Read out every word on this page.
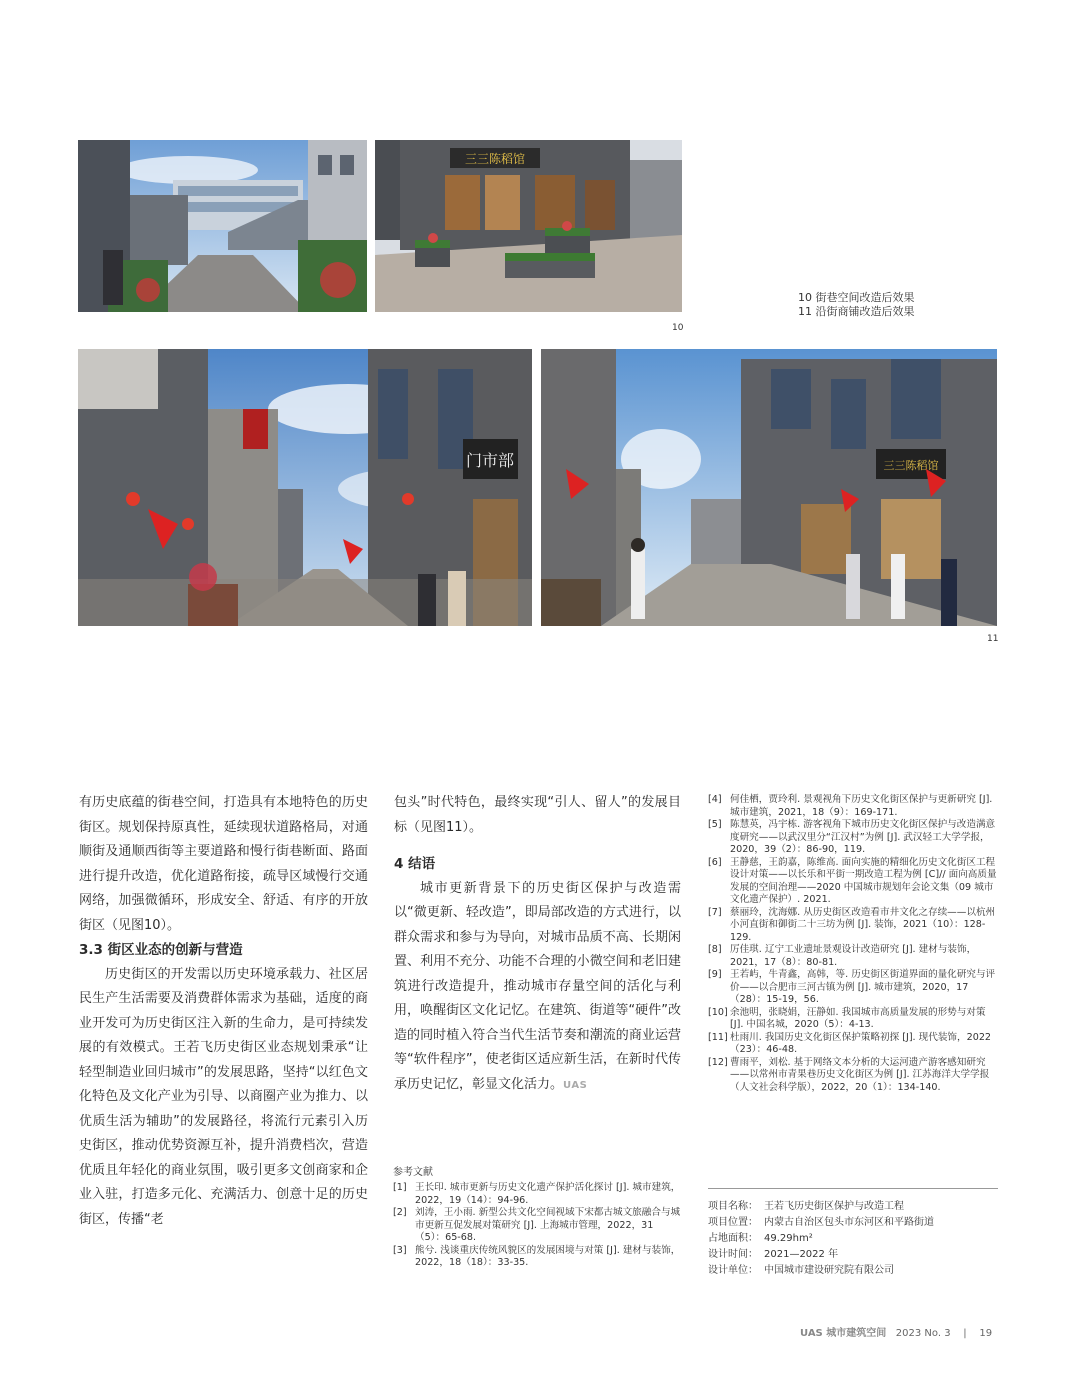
三三陈稻馆
10
10 街巷空间改造后效果
11 沿街商铺改造后效果
门市部	三三陈稻馆
11

有历史底蕴的街巷空间，打造具有本地特色的历史街区。规划保持原真性，延续现状道路格局，对通顺街及通顺西街等主要道路和慢行街巷断面、路面进行提升改造，优化道路衔接，疏导区域慢行交通网络，加强微循环，形成安全、舒适、有序的开放街区（见图10）。

3.3 街区业态的创新与营造

历史街区的开发需以历史环境承载力、社区居民生产生活需要及消费群体需求为基础，适度的商业开发可为历史街区注入新的生命力，是可持续发展的有效模式。王若飞历史街区业态规划秉承“让轻型制造业回归城市”的发展思路，坚持“以红色文化特色及文化产业为引导、以商圈产业为推力、以优质生活为辅助”的发展路径，将流行元素引入历史街区，推动优势资源互补，提升消费档次，营造优质且年轻化的商业氛围，吸引更多文创商家和企业入驻，打造多元化、充满活力、创意十足的历史街区，传播“老

包头”时代特色，最终实现“引人、留人”的发展目标（见图11）。

4 结语

城市更新背景下的历史街区保护与改造需以“微更新、轻改造”，即局部改造的方式进行，以群众需求和参与为导向，对城市品质不高、长期闲置、利用不充分、功能不合理的小微空间和老旧建筑进行改造提升，推动城市存量空间的活化与利用，唤醒街区文化记忆。在建筑、街道等“硬件”改造的同时植入符合当代生活节奏和潮流的商业运营等“软件程序”，使老街区适应新生活，在新时代传承历史记忆，彰显文化活力。UAS

参考文献
[1] 王长印. 城市更新与历史文化遗产保护活化探讨 [J]. 城市建筑，2022，19（14）：94-96.
[2] 刘涛，王小雨. 新型公共文化空间视域下宋都古城文旅融合与城市更新互促发展对策研究 [J]. 上海城市管理，2022，31（5）：65-68.
[3] 熊兮. 浅谈重庆传统风貌区的发展困境与对策 [J]. 建材与装饰，2022，18（18）：33-35.
[4] 何佳栖，贾玲利. 景观视角下历史文化街区保护与更新研究 [J]. 城市建筑，2021，18（9）：169-171.
[5] 陈慧英，冯宇栋. 游客视角下城市历史文化街区保护与改造满意度研究——以武汉里分“江汉村”为例 [J]. 武汉轻工大学学报，2020，39（2）：86-90，119.
[6] 王静慈，王韵嘉，陈维高. 面向实施的精细化历史文化街区工程设计对策——以长乐和平街一期改造工程为例 [C]// 面向高质量发展的空间治理——2020 中国城市规划年会论文集（09 城市文化遗产保护）. 2021.
[7] 蔡丽玲，沈海娜. 从历史街区改造看市井文化之存续——以杭州小河直街和御街二十三坊为例 [J]. 装饰，2021（10）：128-129.
[8] 厉佳琪. 辽宁工业遗址景观设计改造研究 [J]. 建材与装饰，2021，17（8）：80-81.
[9] 王若屿，牛青鑫，高韩，等. 历史街区街道界面的量化研究与评价——以合肥市三河古镇为例 [J]. 城市建筑，2020，17（28）：15-19，56.
[10] 余池明，张晓娟，汪静如. 我国城市高质量发展的形势与对策 [J]. 中国名城，2020（5）：4-13.
[11] 杜雨川. 我国历史文化街区保护策略初探 [J]. 现代装饰，2022（23）：46-48.
[12] 曹雨平，刘松. 基于网络文本分析的大运河遗产游客感知研究——以常州市青果巷历史文化街区为例 [J]. 江苏海洋大学学报（人文社会科学版），2022，20（1）：134-140.
项目名称： 王若飞历史街区保护与改造工程
项目位置： 内蒙古自治区包头市东河区和平路街道
占地面积： 49.29hm²
设计时间： 2021—2022 年
设计单位： 中国城市建设研究院有限公司
UAS 城市建筑空间 2023 No. 3 | 19
